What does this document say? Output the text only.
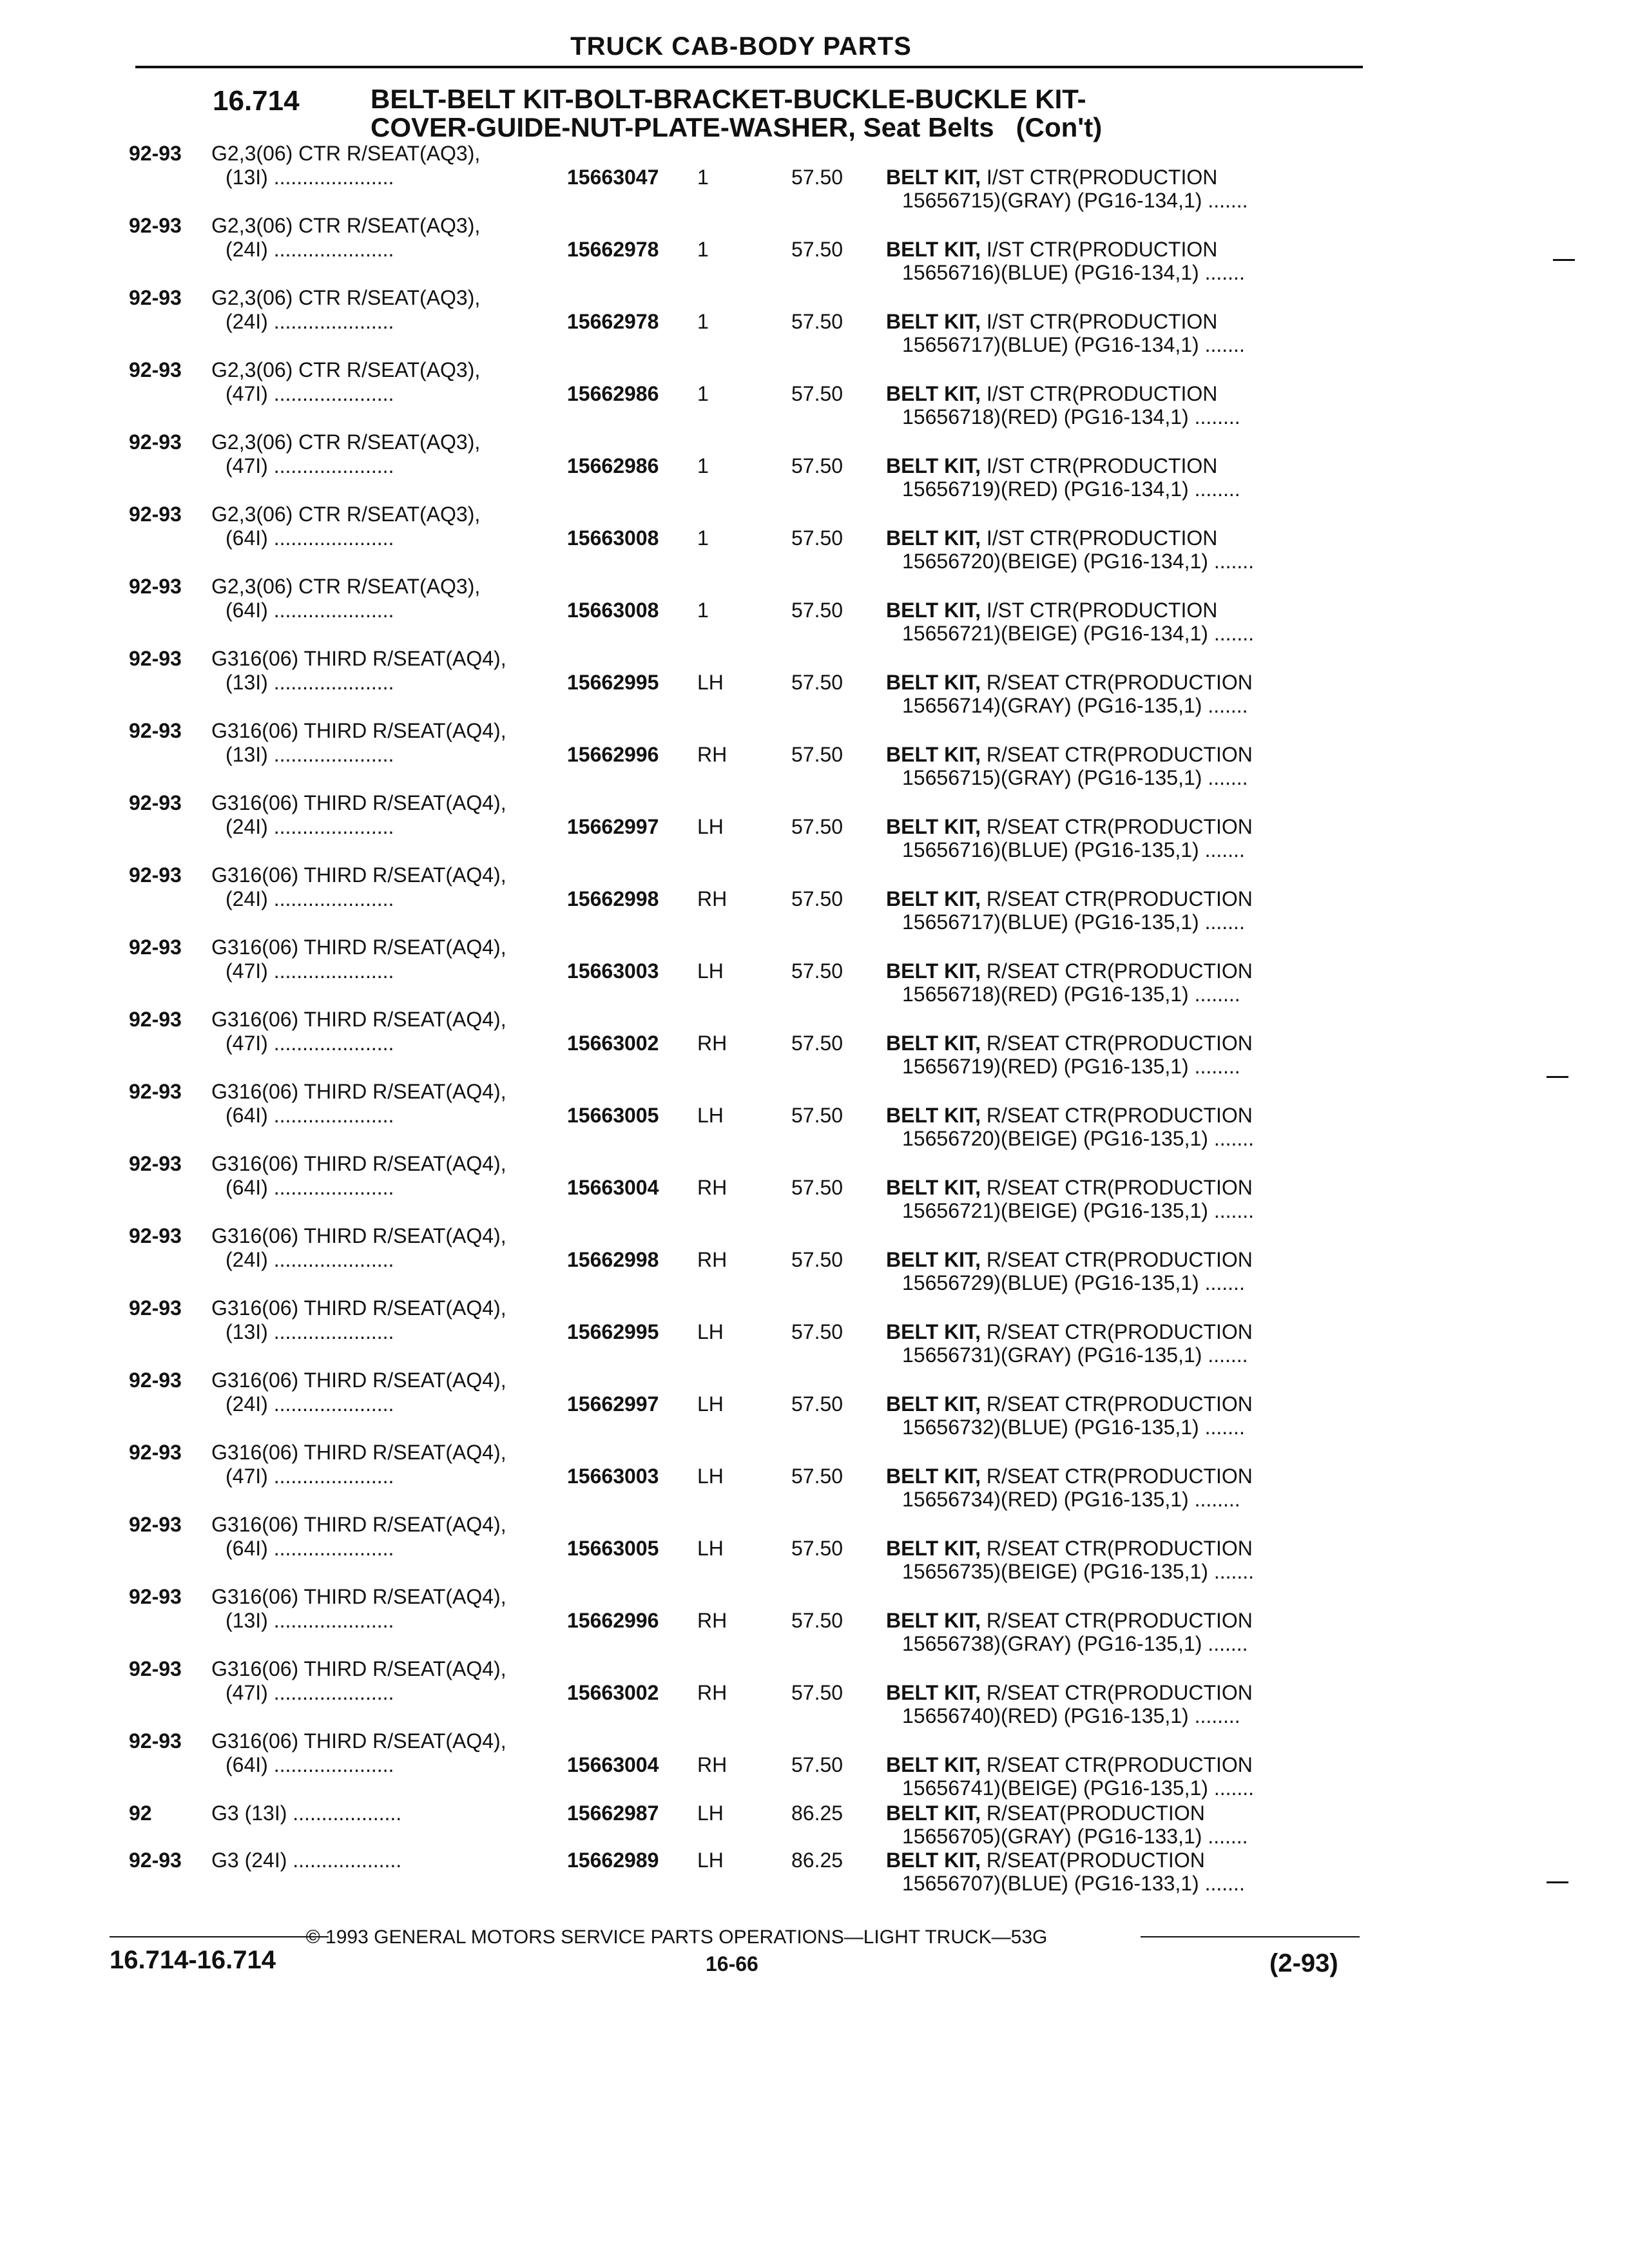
TRUCK CAB-BODY PARTS
16.714	BELT-BELT KIT-BOLT-BRACKET-BUCKLE-BUCKLE KIT-
COVER-GUIDE-NUT-PLATE-WASHER, Seat Belts (Con't)
92-93 G2,3(06) CTR R/SEAT(AQ3),
(13I) .....................	15663047 1	57.50 BELT KIT, I/ST CTR(PRODUCTION
15656715)(GRAY) (PG16-134,1) .......
92-93 G2,3(06) CTR R/SEAT(AQ3),
(24I) .....................	15662978 1	57.50 BELT KIT, I/ST CTR(PRODUCTION
15656716)(BLUE) (PG16-134,1) .......
92-93 G2,3(06) CTR R/SEAT(AQ3),
(24I) .....................	15662978 1	57.50 BELT KIT, I/ST CTR(PRODUCTION
15656717)(BLUE) (PG16-134,1) .......
92-93 G2,3(06) CTR R/SEAT(AQ3),
(47I) .....................	15662986 1	57.50 BELT KIT, I/ST CTR(PRODUCTION
15656718)(RED) (PG16-134,1) ........
92-93 G2,3(06) CTR R/SEAT(AQ3),
(47I) .....................	15662986 1	57.50 BELT KIT, I/ST CTR(PRODUCTION
15656719)(RED) (PG16-134,1) ........
92-93 G2,3(06) CTR R/SEAT(AQ3),
(64I) .....................	15663008 1	57.50 BELT KIT, I/ST CTR(PRODUCTION
15656720)(BEIGE) (PG16-134,1) .......
92-93 G2,3(06) CTR R/SEAT(AQ3),
(64I) .....................	15663008 1	57.50 BELT KIT, I/ST CTR(PRODUCTION
15656721)(BEIGE) (PG16-134,1) .......
92-93 G316(06) THIRD R/SEAT(AQ4),
(13I) .....................	15662995 LH	57.50 BELT KIT, R/SEAT CTR(PRODUCTION
15656714)(GRAY) (PG16-135,1) .......
92-93 G316(06) THIRD R/SEAT(AQ4),
(13I) .....................	15662996 RH	57.50 BELT KIT, R/SEAT CTR(PRODUCTION
15656715)(GRAY) (PG16-135,1) .......
92-93 G316(06) THIRD R/SEAT(AQ4),
(24I) .....................	15662997 LH	57.50 BELT KIT, R/SEAT CTR(PRODUCTION
15656716)(BLUE) (PG16-135,1) .......
92-93 G316(06) THIRD R/SEAT(AQ4),
(24I) .....................	15662998 RH	57.50 BELT KIT, R/SEAT CTR(PRODUCTION
15656717)(BLUE) (PG16-135,1) .......
92-93 G316(06) THIRD R/SEAT(AQ4),
(47I) .....................	15663003 LH	57.50 BELT KIT, R/SEAT CTR(PRODUCTION
15656718)(RED) (PG16-135,1) ........
92-93 G316(06) THIRD R/SEAT(AQ4),
(47I) .....................	15663002 RH	57.50 BELT KIT, R/SEAT CTR(PRODUCTION
15656719)(RED) (PG16-135,1) ........
92-93 G316(06) THIRD R/SEAT(AQ4),
(64I) .....................	15663005 LH	57.50 BELT KIT, R/SEAT CTR(PRODUCTION
15656720)(BEIGE) (PG16-135,1) .......
92-93 G316(06) THIRD R/SEAT(AQ4),
(64I) .....................	15663004 RH	57.50 BELT KIT, R/SEAT CTR(PRODUCTION
15656721)(BEIGE) (PG16-135,1) .......
92-93 G316(06) THIRD R/SEAT(AQ4),
(24I) .....................	15662998 RH	57.50 BELT KIT, R/SEAT CTR(PRODUCTION
15656729)(BLUE) (PG16-135,1) .......
92-93 G316(06) THIRD R/SEAT(AQ4),
(13I) .....................	15662995 LH	57.50 BELT KIT, R/SEAT CTR(PRODUCTION
15656731)(GRAY) (PG16-135,1) .......
92-93 G316(06) THIRD R/SEAT(AQ4),
(24I) .....................	15662997 LH	57.50 BELT KIT, R/SEAT CTR(PRODUCTION
15656732)(BLUE) (PG16-135,1) .......
92-93 G316(06) THIRD R/SEAT(AQ4),
(47I) .....................	15663003 LH	57.50 BELT KIT, R/SEAT CTR(PRODUCTION
15656734)(RED) (PG16-135,1) ........
92-93 G316(06) THIRD R/SEAT(AQ4),
(64I) .....................	15663005 LH	57.50 BELT KIT, R/SEAT CTR(PRODUCTION
15656735)(BEIGE) (PG16-135,1) .......
92-93 G316(06) THIRD R/SEAT(AQ4),
(13I) .....................	15662996 RH	57.50 BELT KIT, R/SEAT CTR(PRODUCTION
15656738)(GRAY) (PG16-135,1) .......
92-93 G316(06) THIRD R/SEAT(AQ4),
(47I) .....................	15663002 RH	57.50 BELT KIT, R/SEAT CTR(PRODUCTION
15656740)(RED) (PG16-135,1) ........
92-93 G316(06) THIRD R/SEAT(AQ4),
(64I) .....................	15663004 RH	57.50 BELT KIT, R/SEAT CTR(PRODUCTION
15656741)(BEIGE) (PG16-135,1) .......
92	G3 (13I) ...................	15662987 LH	86.25 BELT KIT, R/SEAT(PRODUCTION
15656705)(GRAY) (PG16-133,1) .......
92-93 G3 (24I) ...................	15662989 LH	86.25 BELT KIT, R/SEAT(PRODUCTION
15656707)(BLUE) (PG16-133,1) .......
© 1993 GENERAL MOTORS SERVICE PARTS OPERATIONS—LIGHT TRUCK—53G
16.714-16.714	16-66	(2-93)
